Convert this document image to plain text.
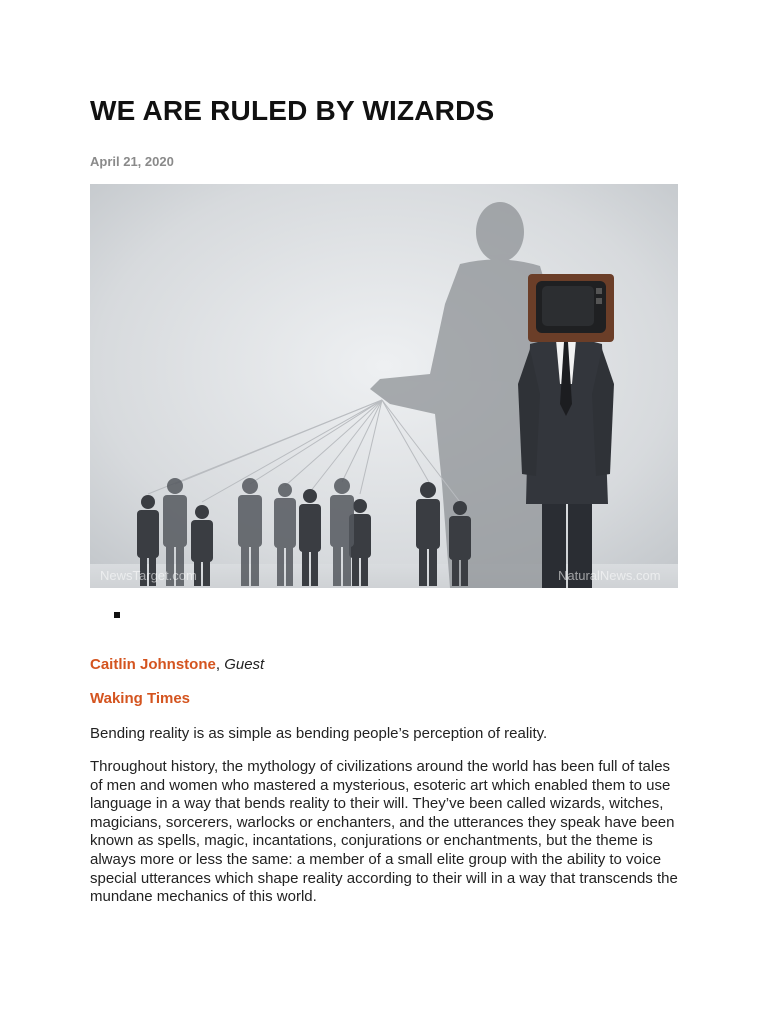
WE ARE RULED BY WIZARDS
April 21, 2020
NewsTarget.com	NaturalNews.com
Caitlin Johnstone, Guest
Waking Times

Bending reality is as simple as bending people’s perception of reality.

Throughout history, the mythology of civilizations around the world has been full of tales of men and women who mastered a mysterious, esoteric art which enabled them to use language in a way that bends reality to their will. They’ve been called wizards, witches, magicians, sorcerers, warlocks or enchanters, and the utterances they speak have been known as spells, magic, incantations, conjurations or enchantments, but the theme is always more or less the same: a member of a small elite group with the ability to voice special utterances which shape reality according to their will in a way that transcends the mundane mechanics of this world.
